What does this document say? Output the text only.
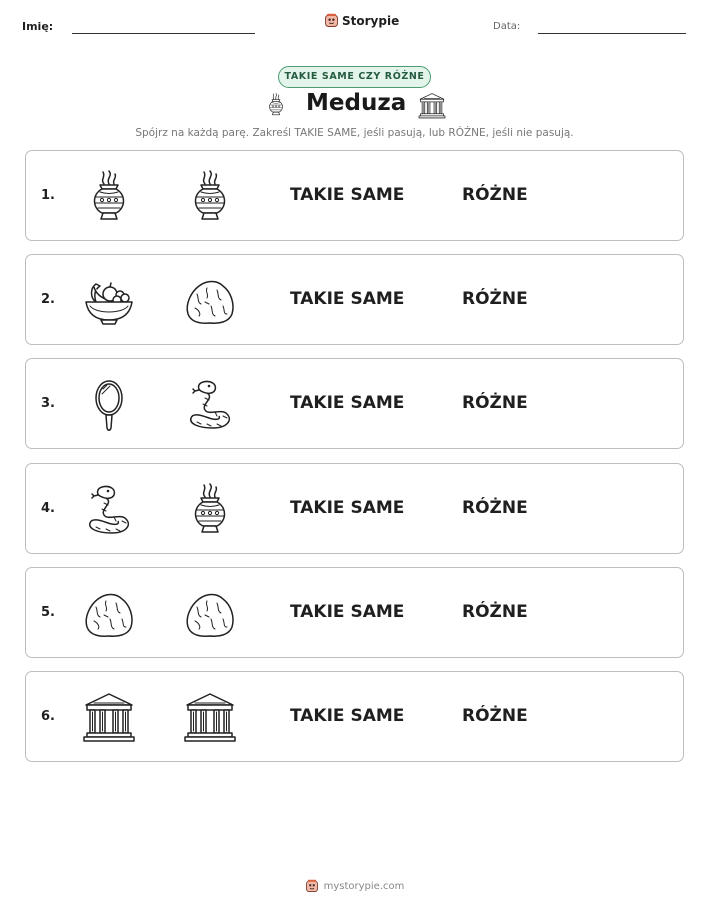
Imię:	Storypie	Data:
TAKIE SAME CZY RÓŻNE
Meduza
Spójrz na każdą parę. Zakreśl TAKIE SAME, jeśli pasują, lub RÓŻNE, jeśli nie pasują.
1.	TAKIE SAME	RÓŻNE
2.	TAKIE SAME	RÓŻNE
3.	TAKIE SAME	RÓŻNE
4.	TAKIE SAME	RÓŻNE
5.	TAKIE SAME	RÓŻNE
6.	TAKIE SAME	RÓŻNE
mystorypie.com
